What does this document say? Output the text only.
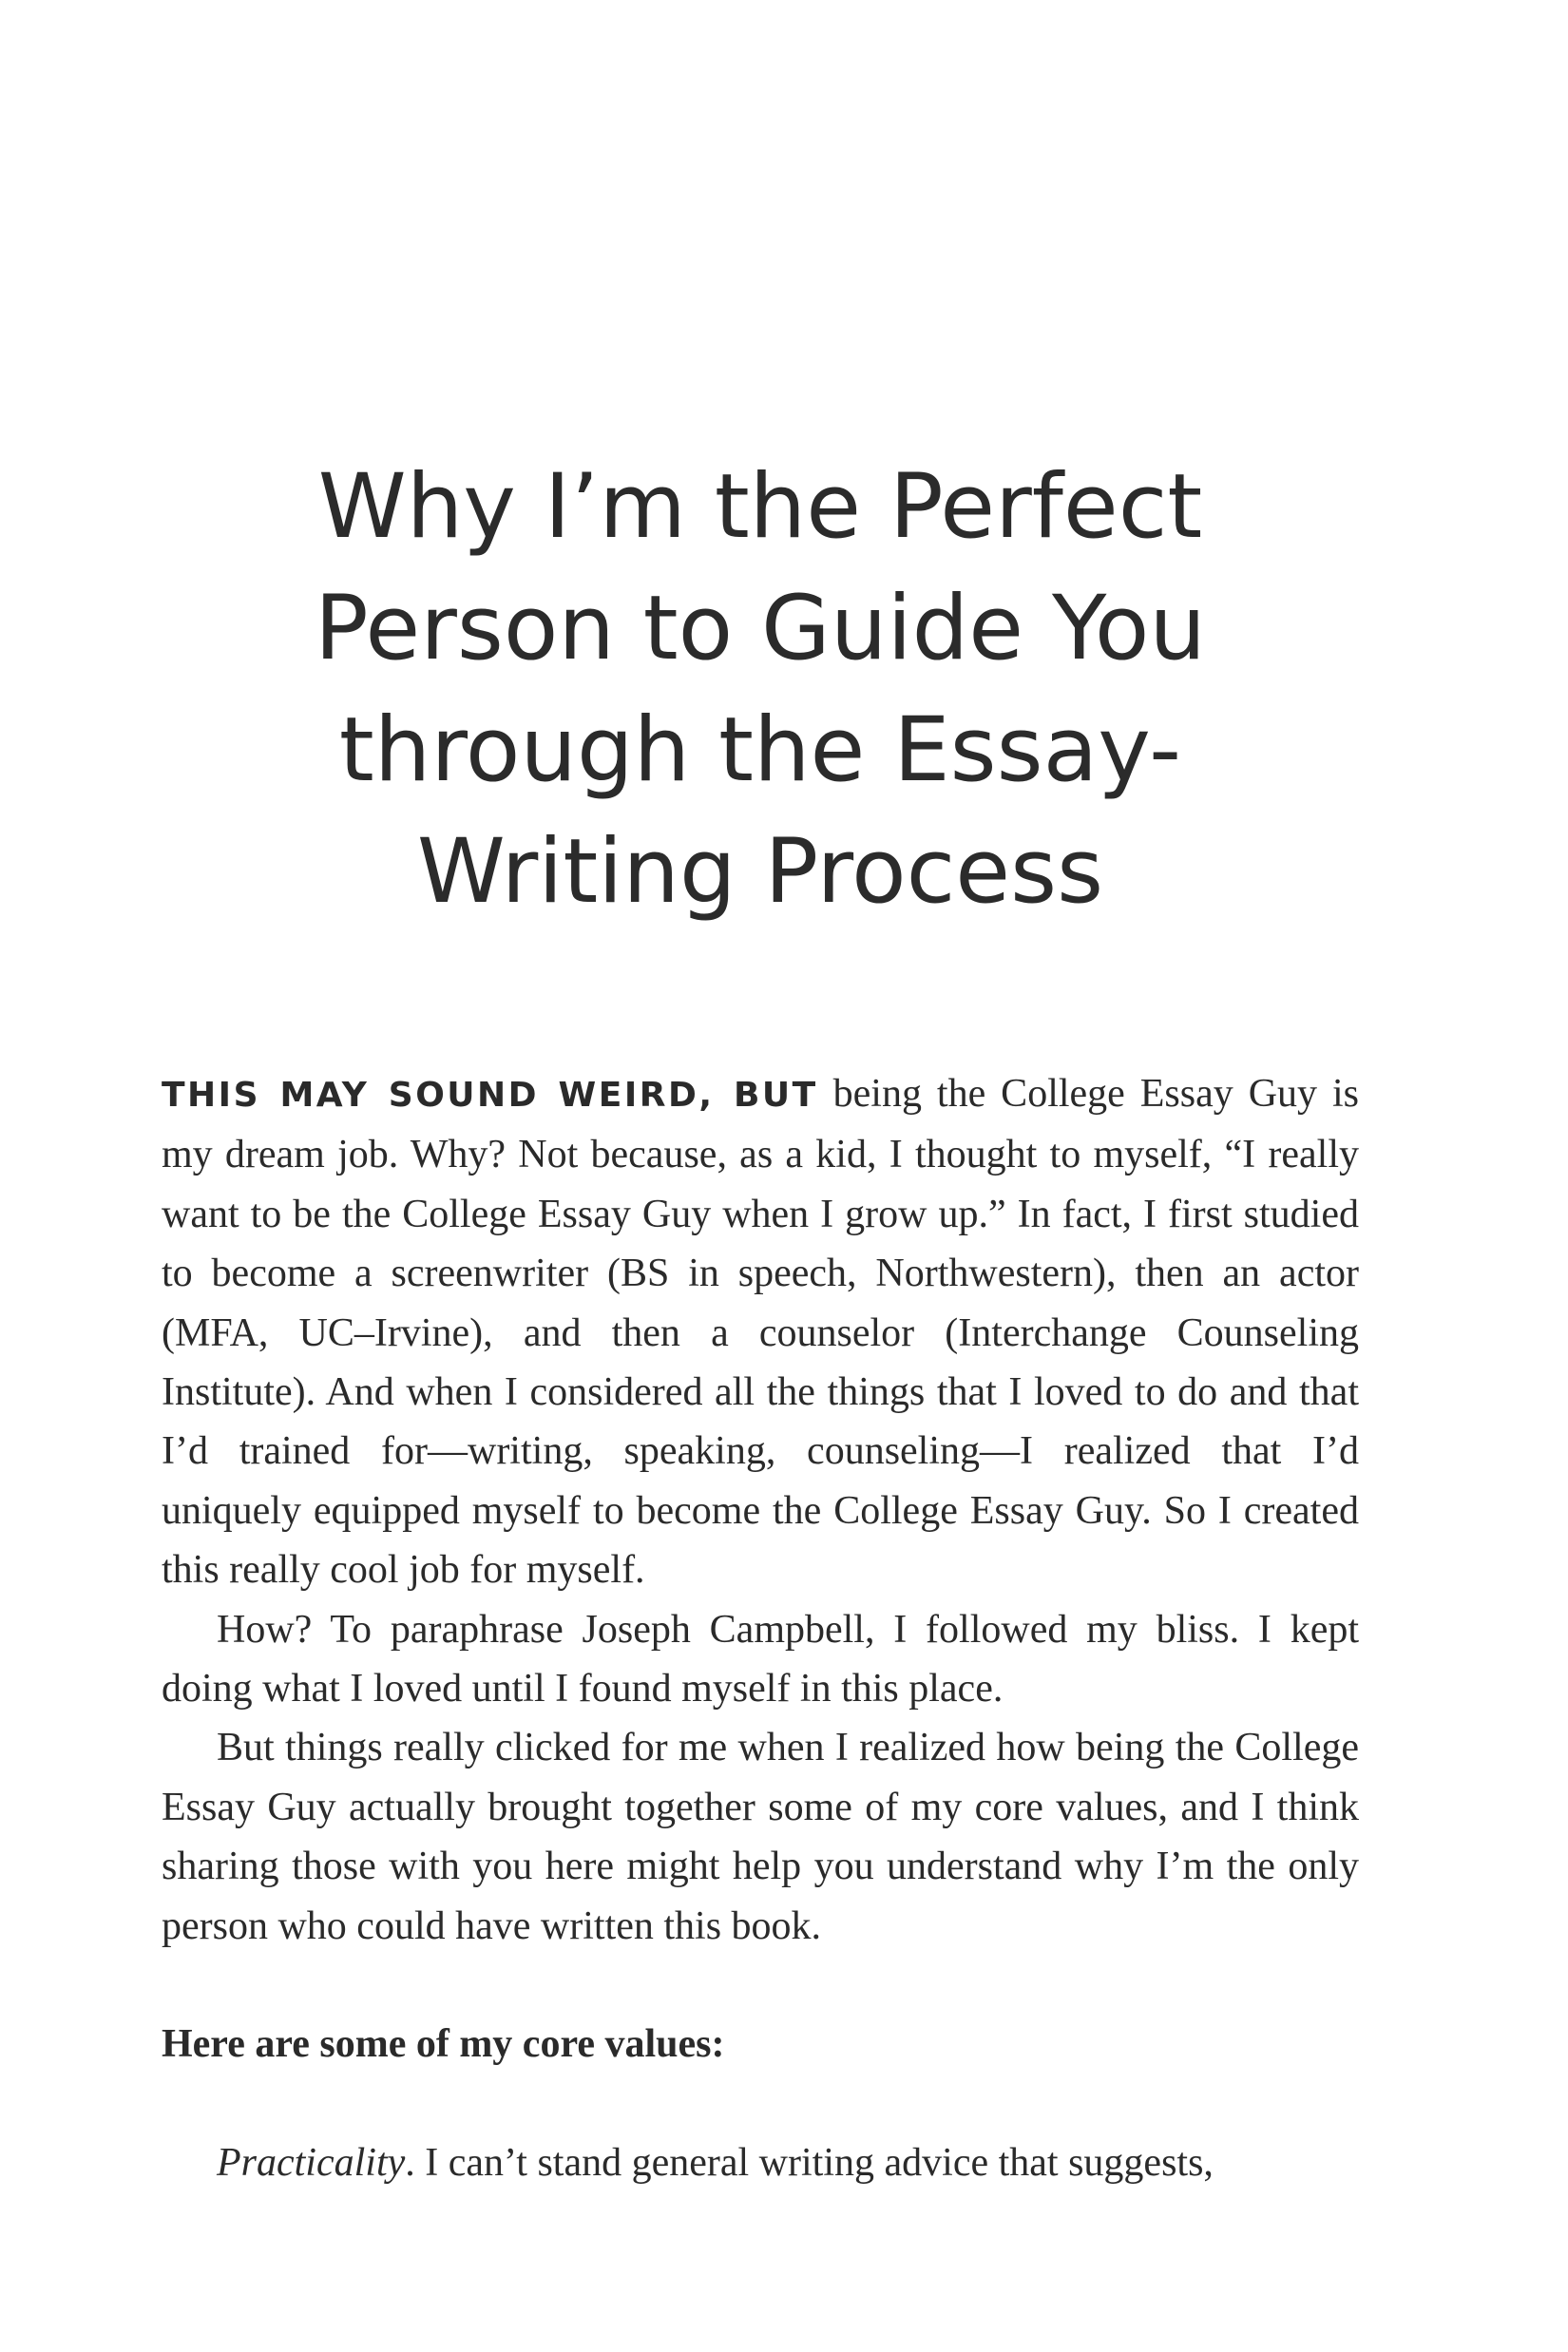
Why I’m the Perfect
Person to Guide You
through the Essay-
Writing Process

THIS MAY SOUND WEIRD, BUT being the College Essay Guy is my dream job. Why? Not because, as a kid, I thought to myself, “I really want to be the College Essay Guy when I grow up.” In fact, I first studied to become a screenwriter (BS in speech, Northwestern), then an actor (MFA, UC–Irvine), and then a counselor (Interchange Counseling Institute). And when I considered all the things that I loved to do and that I’d trained for—writing, speaking, counseling—I realized that I’d uniquely equipped myself to become the College Essay Guy. So I created this really cool job for myself.

How? To paraphrase Joseph Campbell, I followed my bliss. I kept doing what I loved until I found myself in this place.

But things really clicked for me when I realized how being the College Essay Guy actually brought together some of my core values, and I think sharing those with you here might help you understand why I’m the only person who could have written this book.

Here are some of my core values:

Practicality. I can’t stand general writing advice that suggests,
